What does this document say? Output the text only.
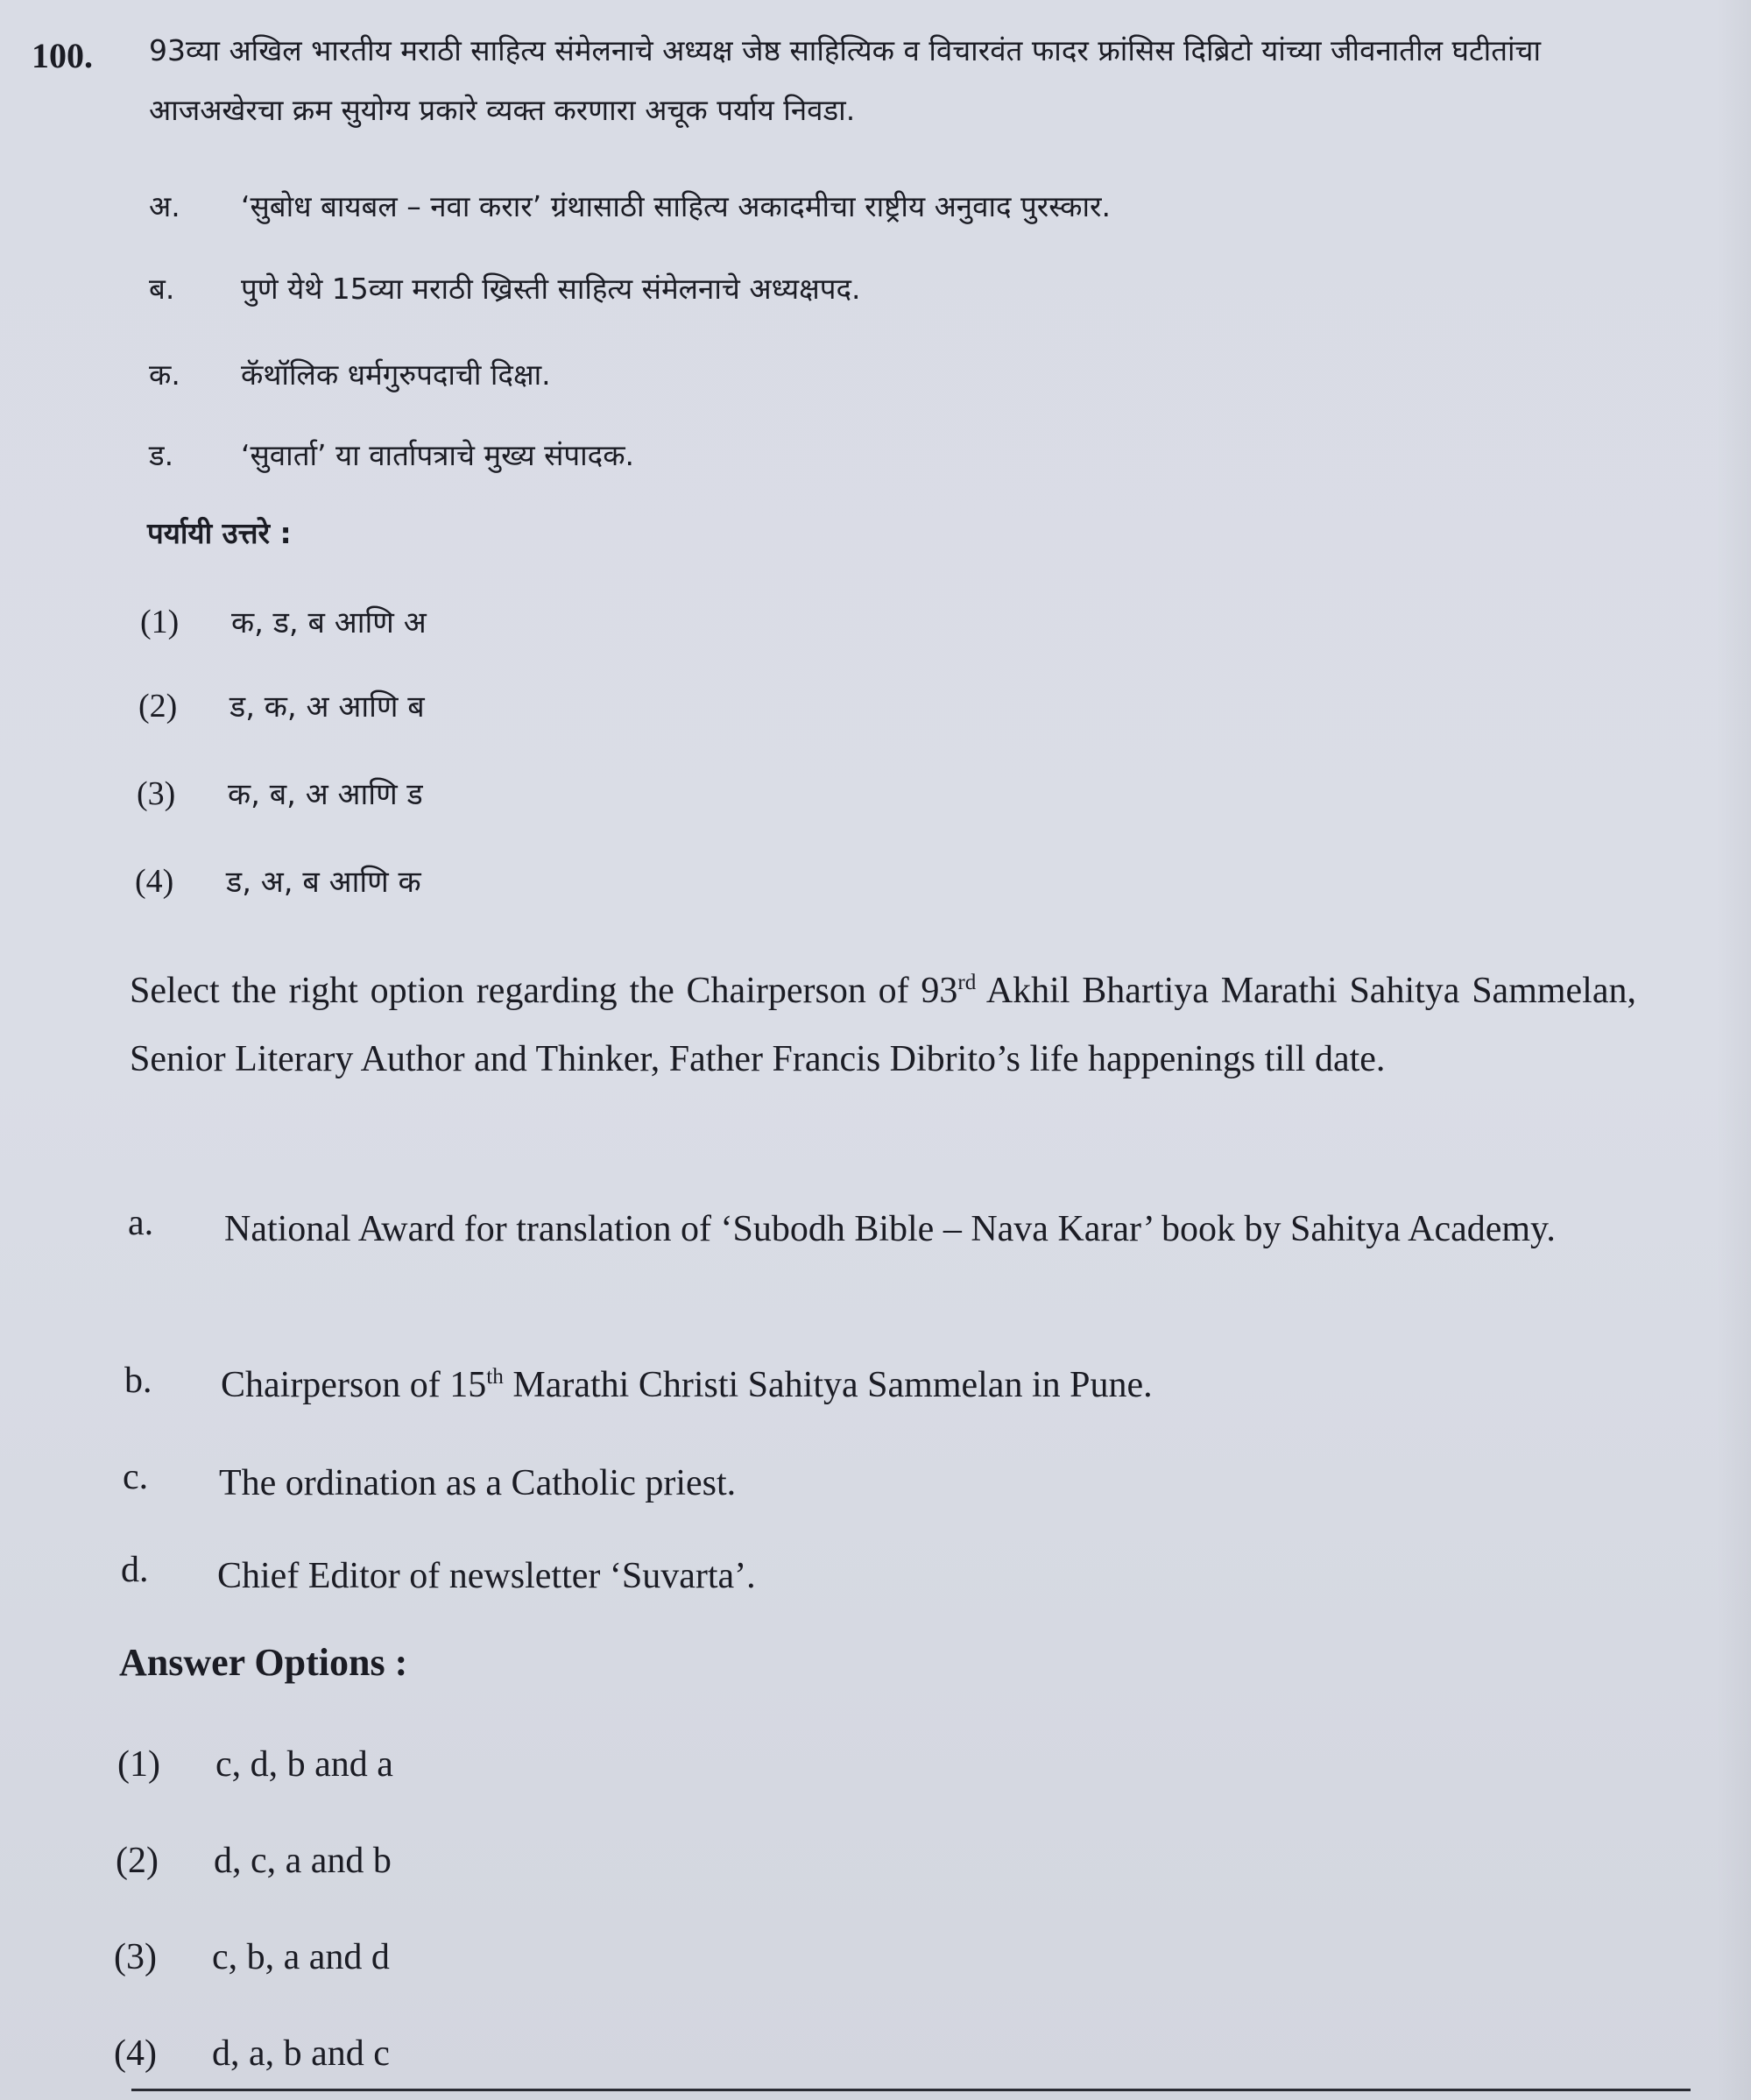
100. 93व्या अखिल भारतीय मराठी साहित्य संमेलनाचे अध्यक्ष जेष्ठ साहित्यिक व विचारवंत फादर फ्रांसिस दिब्रिटो यांच्या जीवनातील घटीतांचा आजअखेरचा क्रम सुयोग्य प्रकारे व्यक्त करणारा अचूक पर्याय निवडा.
अ. ‘सुबोध बायबल – नवा करार’ ग्रंथासाठी साहित्य अकादमीचा राष्ट्रीय अनुवाद पुरस्कार.
ब. पुणे येथे 15व्या मराठी ख्रिस्ती साहित्य संमेलनाचे अध्यक्षपद.
क. कॅथॉलिक धर्मगुरुपदाची दिक्षा.
ड. ‘सुवार्ता’ या वार्तापत्राचे मुख्य संपादक.
पर्यायी उत्तरे :
(1) क, ड, ब आणि अ
(2) ड, क, अ आणि ब
(3) क, ब, अ आणि ड
(4) ड, अ, ब आणि क
Select the right option regarding the Chairperson of 93rd Akhil Bhartiya Marathi Sahitya Sammelan, Senior Literary Author and Thinker, Father Francis Dibrito’s life happenings till date.
a. National Award for translation of ‘Subodh Bible – Nava Karar’ book by Sahitya Academy.
b. Chairperson of 15th Marathi Christi Sahitya Sammelan in Pune.
c. The ordination as a Catholic priest.
d. Chief Editor of newsletter ‘Suvarta’.
Answer Options :
(1) c, d, b and a
(2) d, c, a and b
(3) c, b, a and d
(4) d, a, b and c
